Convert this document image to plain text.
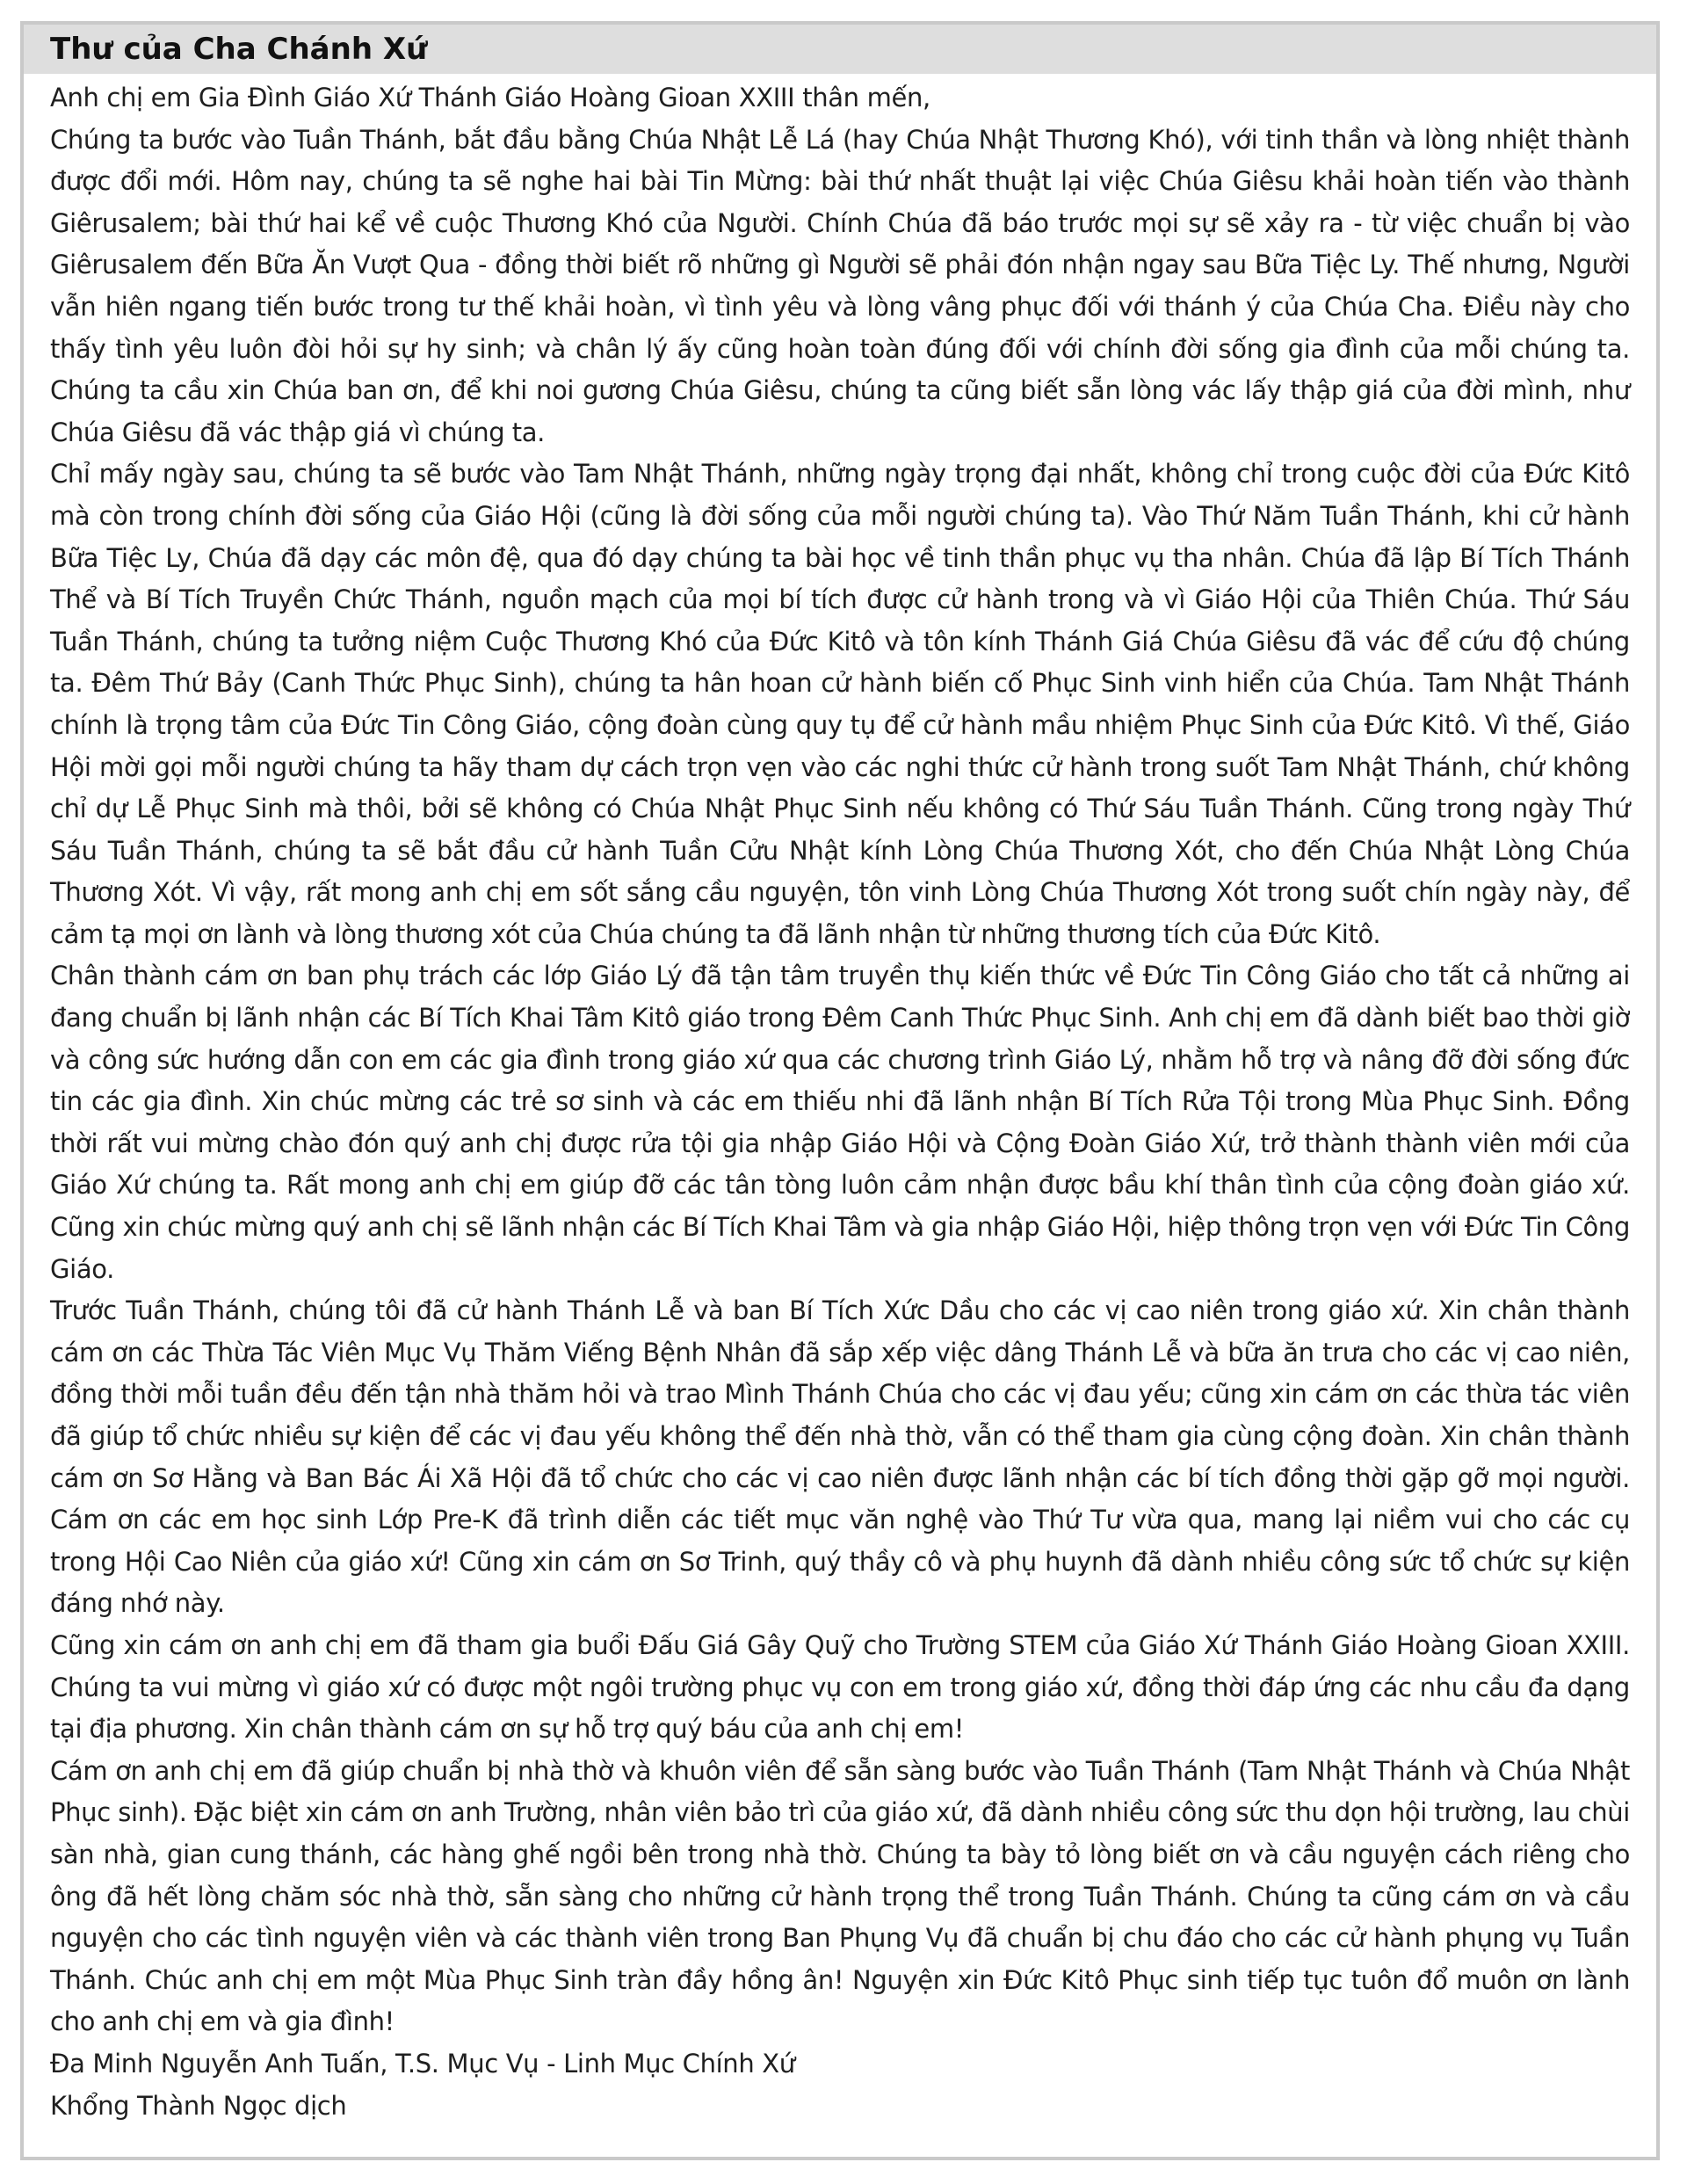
Thư của Cha Chánh Xứ

Anh chị em Gia Đình Giáo Xứ Thánh Giáo Hoàng Gioan XXIII thân mến,

Chúng ta bước vào Tuần Thánh, bắt đầu bằng Chúa Nhật Lễ Lá (hay Chúa Nhật Thương Khó), với tinh thần và lòng nhiệt thành được đổi mới. Hôm nay, chúng ta sẽ nghe hai bài Tin Mừng: bài thứ nhất thuật lại việc Chúa Giêsu khải hoàn tiến vào thành Giêrusalem; bài thứ hai kể về cuộc Thương Khó của Người. Chính Chúa đã báo trước mọi sự sẽ xảy ra - từ việc chuẩn bị vào Giêrusalem đến Bữa Ăn Vượt Qua - đồng thời biết rõ những gì Người sẽ phải đón nhận ngay sau Bữa Tiệc Ly. Thế nhưng, Người vẫn hiên ngang tiến bước trong tư thế khải hoàn, vì tình yêu và lòng vâng phục đối với thánh ý của Chúa Cha. Điều này cho thấy tình yêu luôn đòi hỏi sự hy sinh; và chân lý ấy cũng hoàn toàn đúng đối với chính đời sống gia đình của mỗi chúng ta. Chúng ta cầu xin Chúa ban ơn, để khi noi gương Chúa Giêsu, chúng ta cũng biết sẵn lòng vác lấy thập giá của đời mình, như Chúa Giêsu đã vác thập giá vì chúng ta.

Chỉ mấy ngày sau, chúng ta sẽ bước vào Tam Nhật Thánh, những ngày trọng đại nhất, không chỉ trong cuộc đời của Đức Kitô mà còn trong chính đời sống của Giáo Hội (cũng là đời sống của mỗi người chúng ta). Vào Thứ Năm Tuần Thánh, khi cử hành Bữa Tiệc Ly, Chúa đã dạy các môn đệ, qua đó dạy chúng ta bài học về tinh thần phục vụ tha nhân. Chúa đã lập Bí Tích Thánh Thể và Bí Tích Truyền Chức Thánh, nguồn mạch của mọi bí tích được cử hành trong và vì Giáo Hội của Thiên Chúa. Thứ Sáu Tuần Thánh, chúng ta tưởng niệm Cuộc Thương Khó của Đức Kitô và tôn kính Thánh Giá Chúa Giêsu đã vác để cứu độ chúng ta. Đêm Thứ Bảy (Canh Thức Phục Sinh), chúng ta hân hoan cử hành biến cố Phục Sinh vinh hiển của Chúa. Tam Nhật Thánh chính là trọng tâm của Đức Tin Công Giáo, cộng đoàn cùng quy tụ để cử hành mầu nhiệm Phục Sinh của Đức Kitô. Vì thế, Giáo Hội mời gọi mỗi người chúng ta hãy tham dự cách trọn vẹn vào các nghi thức cử hành trong suốt Tam Nhật Thánh, chứ không chỉ dự Lễ Phục Sinh mà thôi, bởi sẽ không có Chúa Nhật Phục Sinh nếu không có Thứ Sáu Tuần Thánh. Cũng trong ngày Thứ Sáu Tuần Thánh, chúng ta sẽ bắt đầu cử hành Tuần Cửu Nhật kính Lòng Chúa Thương Xót, cho đến Chúa Nhật Lòng Chúa Thương Xót. Vì vậy, rất mong anh chị em sốt sắng cầu nguyện, tôn vinh Lòng Chúa Thương Xót trong suốt chín ngày này, để cảm tạ mọi ơn lành và lòng thương xót của Chúa chúng ta đã lãnh nhận từ những thương tích của Đức Kitô.

Chân thành cám ơn ban phụ trách các lớp Giáo Lý đã tận tâm truyền thụ kiến thức về Đức Tin Công Giáo cho tất cả những ai đang chuẩn bị lãnh nhận các Bí Tích Khai Tâm Kitô giáo trong Đêm Canh Thức Phục Sinh. Anh chị em đã dành biết bao thời giờ và công sức hướng dẫn con em các gia đình trong giáo xứ qua các chương trình Giáo Lý, nhằm hỗ trợ và nâng đỡ đời sống đức tin các gia đình. Xin chúc mừng các trẻ sơ sinh và các em thiếu nhi đã lãnh nhận Bí Tích Rửa Tội trong Mùa Phục Sinh. Đồng thời rất vui mừng chào đón quý anh chị được rửa tội gia nhập Giáo Hội và Cộng Đoàn Giáo Xứ, trở thành thành viên mới của Giáo Xứ chúng ta. Rất mong anh chị em giúp đỡ các tân tòng luôn cảm nhận được bầu khí thân tình của cộng đoàn giáo xứ. Cũng xin chúc mừng quý anh chị sẽ lãnh nhận các Bí Tích Khai Tâm và gia nhập Giáo Hội, hiệp thông trọn vẹn với Đức Tin Công Giáo.

Trước Tuần Thánh, chúng tôi đã cử hành Thánh Lễ và ban Bí Tích Xức Dầu cho các vị cao niên trong giáo xứ. Xin chân thành cám ơn các Thừa Tác Viên Mục Vụ Thăm Viếng Bệnh Nhân đã sắp xếp việc dâng Thánh Lễ và bữa ăn trưa cho các vị cao niên, đồng thời mỗi tuần đều đến tận nhà thăm hỏi và trao Mình Thánh Chúa cho các vị đau yếu; cũng xin cám ơn các thừa tác viên đã giúp tổ chức nhiều sự kiện để các vị đau yếu không thể đến nhà thờ, vẫn có thể tham gia cùng cộng đoàn. Xin chân thành cám ơn Sơ Hằng và Ban Bác Ái Xã Hội đã tổ chức cho các vị cao niên được lãnh nhận các bí tích đồng thời gặp gỡ mọi người. Cám ơn các em học sinh Lớp Pre-K đã trình diễn các tiết mục văn nghệ vào Thứ Tư vừa qua, mang lại niềm vui cho các cụ trong Hội Cao Niên của giáo xứ! Cũng xin cám ơn Sơ Trinh, quý thầy cô và phụ huynh đã dành nhiều công sức tổ chức sự kiện đáng nhớ này.

Cũng xin cám ơn anh chị em đã tham gia buổi Đấu Giá Gây Quỹ cho Trường STEM của Giáo Xứ Thánh Giáo Hoàng Gioan XXIII. Chúng ta vui mừng vì giáo xứ có được một ngôi trường phục vụ con em trong giáo xứ, đồng thời đáp ứng các nhu cầu đa dạng tại địa phương. Xin chân thành cám ơn sự hỗ trợ quý báu của anh chị em!

Cám ơn anh chị em đã giúp chuẩn bị nhà thờ và khuôn viên để sẵn sàng bước vào Tuần Thánh (Tam Nhật Thánh và Chúa Nhật Phục sinh). Đặc biệt xin cám ơn anh Trường, nhân viên bảo trì của giáo xứ, đã dành nhiều công sức thu dọn hội trường, lau chùi sàn nhà, gian cung thánh, các hàng ghế ngồi bên trong nhà thờ. Chúng ta bày tỏ lòng biết ơn và cầu nguyện cách riêng cho ông đã hết lòng chăm sóc nhà thờ, sẵn sàng cho những cử hành trọng thể trong Tuần Thánh. Chúng ta cũng cám ơn và cầu nguyện cho các tình nguyện viên và các thành viên trong Ban Phụng Vụ đã chuẩn bị chu đáo cho các cử hành phụng vụ Tuần Thánh. Chúc anh chị em một Mùa Phục Sinh tràn đầy hồng ân! Nguyện xin Đức Kitô Phục sinh tiếp tục tuôn đổ muôn ơn lành cho anh chị em và gia đình!

Đa Minh Nguyễn Anh Tuấn, T.S. Mục Vụ - Linh Mục Chính Xứ

Khổng Thành Ngọc dịch
